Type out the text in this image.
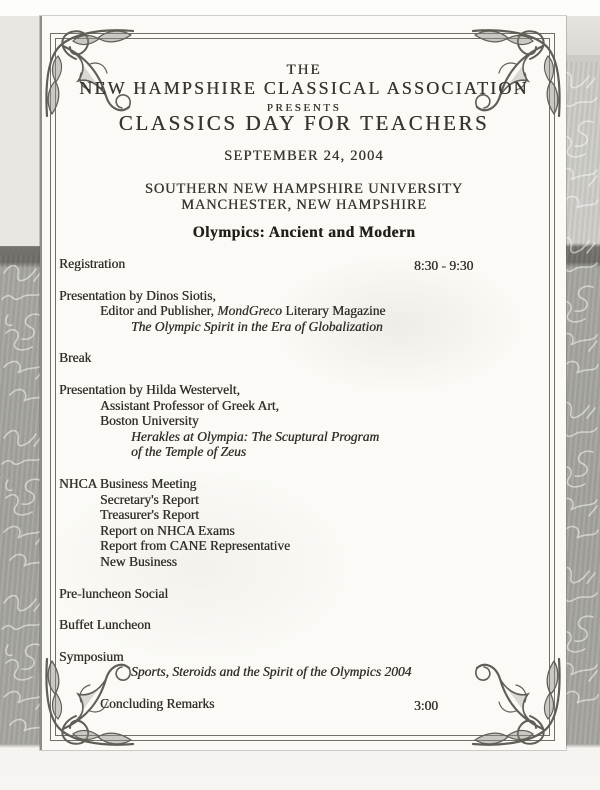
THE
NEW HAMPSHIRE CLASSICAL ASSOCIATION
PRESENTS
CLASSICS DAY FOR TEACHERS
SEPTEMBER 24, 2004
SOUTHERN NEW HAMPSHIRE UNIVERSITY
MANCHESTER, NEW HAMPSHIRE
Olympics: Ancient and Modern
Registration	8:30 - 9:30
Presentation by Dinos Siotis,
Editor and Publisher, MondGreco Literary Magazine
The Olympic Spirit in the Era of Globalization
Break
Presentation by Hilda Westervelt,
Assistant Professor of Greek Art,
Boston University
Herakles at Olympia: The Scuptural Program
of the Temple of Zeus
NHCA Business Meeting
Secretary's Report
Treasurer's Report
Report on NHCA Exams
Report from CANE Representative
New Business
Pre-luncheon Social
Buffet Luncheon
Symposium
Sports, Steroids and the Spirit of the Olympics 2004
Concluding Remarks	3:00
